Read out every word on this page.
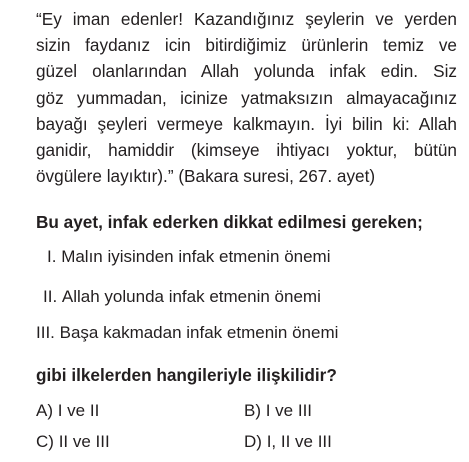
“Ey iman edenler! Kazandığınız şeylerin ve yerden
sizin faydanız icin bitirdiğimiz ürünlerin temiz ve
güzel olanlarından Allah yolunda infak edin. Siz
göz yummadan, icinize yatmaksızın almayacağınız
bayağı şeyleri vermeye kalkmayın. İyi bilin ki: Allah
ganidir, hamiddir (kimseye ihtiyacı yoktur, bütün
övgülere layıktır).” (Bakara suresi, 267. ayet)
Bu ayet, infak ederken dikkat edilmesi gereken;
I. Malın iyisinden infak etmenin önemi
II. Allah yolunda infak etmenin önemi
III. Başa kakmadan infak etmenin önemi
gibi ilkelerden hangileriyle ilişkilidir?
A) I ve II	B) I ve III
C) II ve III	D) I, II ve III
